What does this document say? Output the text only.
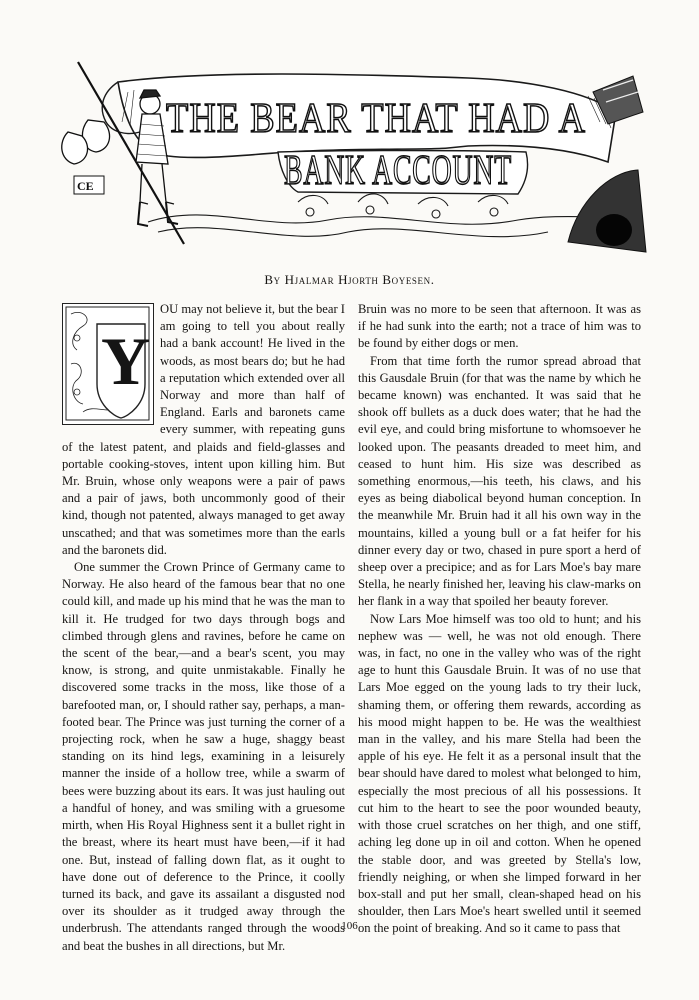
CE
THE BEAR THAT HAD A
BANK ACCOUNT
By Hjalmar Hjorth Boyesen.
Y

OU may not believe it, but the bear I am going to tell you about really had a bank account! He lived in the woods, as most bears do; but he had a reputation which extended over all Norway and more than half of England. Earls and baronets came every summer, with repeating guns of the latest patent, and plaids and field-glasses and portable cooking-stoves, intent upon killing him. But Mr. Bruin, whose only weapons were a pair of paws and a pair of jaws, both uncommonly good of their kind, though not patented, always managed to get away unscathed; and that was sometimes more than the earls and the baronets did.

One summer the Crown Prince of Germany came to Norway. He also heard of the famous bear that no one could kill, and made up his mind that he was the man to kill it. He trudged for two days through bogs and climbed through glens and ravines, before he came on the scent of the bear,—and a bear's scent, you may know, is strong, and quite unmistakable. Finally he discovered some tracks in the moss, like those of a barefooted man, or, I should rather say, perhaps, a man-footed bear. The Prince was just turning the corner of a projecting rock, when he saw a huge, shaggy beast standing on its hind legs, examining in a leisurely manner the inside of a hollow tree, while a swarm of bees were buzzing about its ears. It was just hauling out a handful of honey, and was smiling with a gruesome mirth, when His Royal Highness sent it a bullet right in the breast, where its heart must have been,—if it had one. But, instead of falling down flat, as it ought to have done out of deference to the Prince, it coolly turned its back, and gave its assailant a disgusted nod over its shoulder as it trudged away through the underbrush. The attendants ranged through the woods and beat the bushes in all directions, but Mr.

Bruin was no more to be seen that afternoon. It was as if he had sunk into the earth; not a trace of him was to be found by either dogs or men.

From that time forth the rumor spread abroad that this Gausdale Bruin (for that was the name by which he became known) was enchanted. It was said that he shook off bullets as a duck does water; that he had the evil eye, and could bring misfortune to whomsoever he looked upon. The peasants dreaded to meet him, and ceased to hunt him. His size was described as something enormous,—his teeth, his claws, and his eyes as being diabolical beyond human conception. In the meanwhile Mr. Bruin had it all his own way in the mountains, killed a young bull or a fat heifer for his dinner every day or two, chased in pure sport a herd of sheep over a precipice; and as for Lars Moe's bay mare Stella, he nearly finished her, leaving his claw-marks on her flank in a way that spoiled her beauty forever.

Now Lars Moe himself was too old to hunt; and his nephew was — well, he was not old enough. There was, in fact, no one in the valley who was of the right age to hunt this Gausdale Bruin. It was of no use that Lars Moe egged on the young lads to try their luck, shaming them, or offering them rewards, according as his mood might happen to be. He was the wealthiest man in the valley, and his mare Stella had been the apple of his eye. He felt it as a personal insult that the bear should have dared to molest what belonged to him, especially the most precious of all his possessions. It cut him to the heart to see the poor wounded beauty, with those cruel scratches on her thigh, and one stiff, aching leg done up in oil and cotton. When he opened the stable door, and was greeted by Stella's low, friendly neighing, or when she limped forward in her box-stall and put her small, clean-shaped head on his shoulder, then Lars Moe's heart swelled until it seemed on the point of breaking. And so it came to pass that

106
